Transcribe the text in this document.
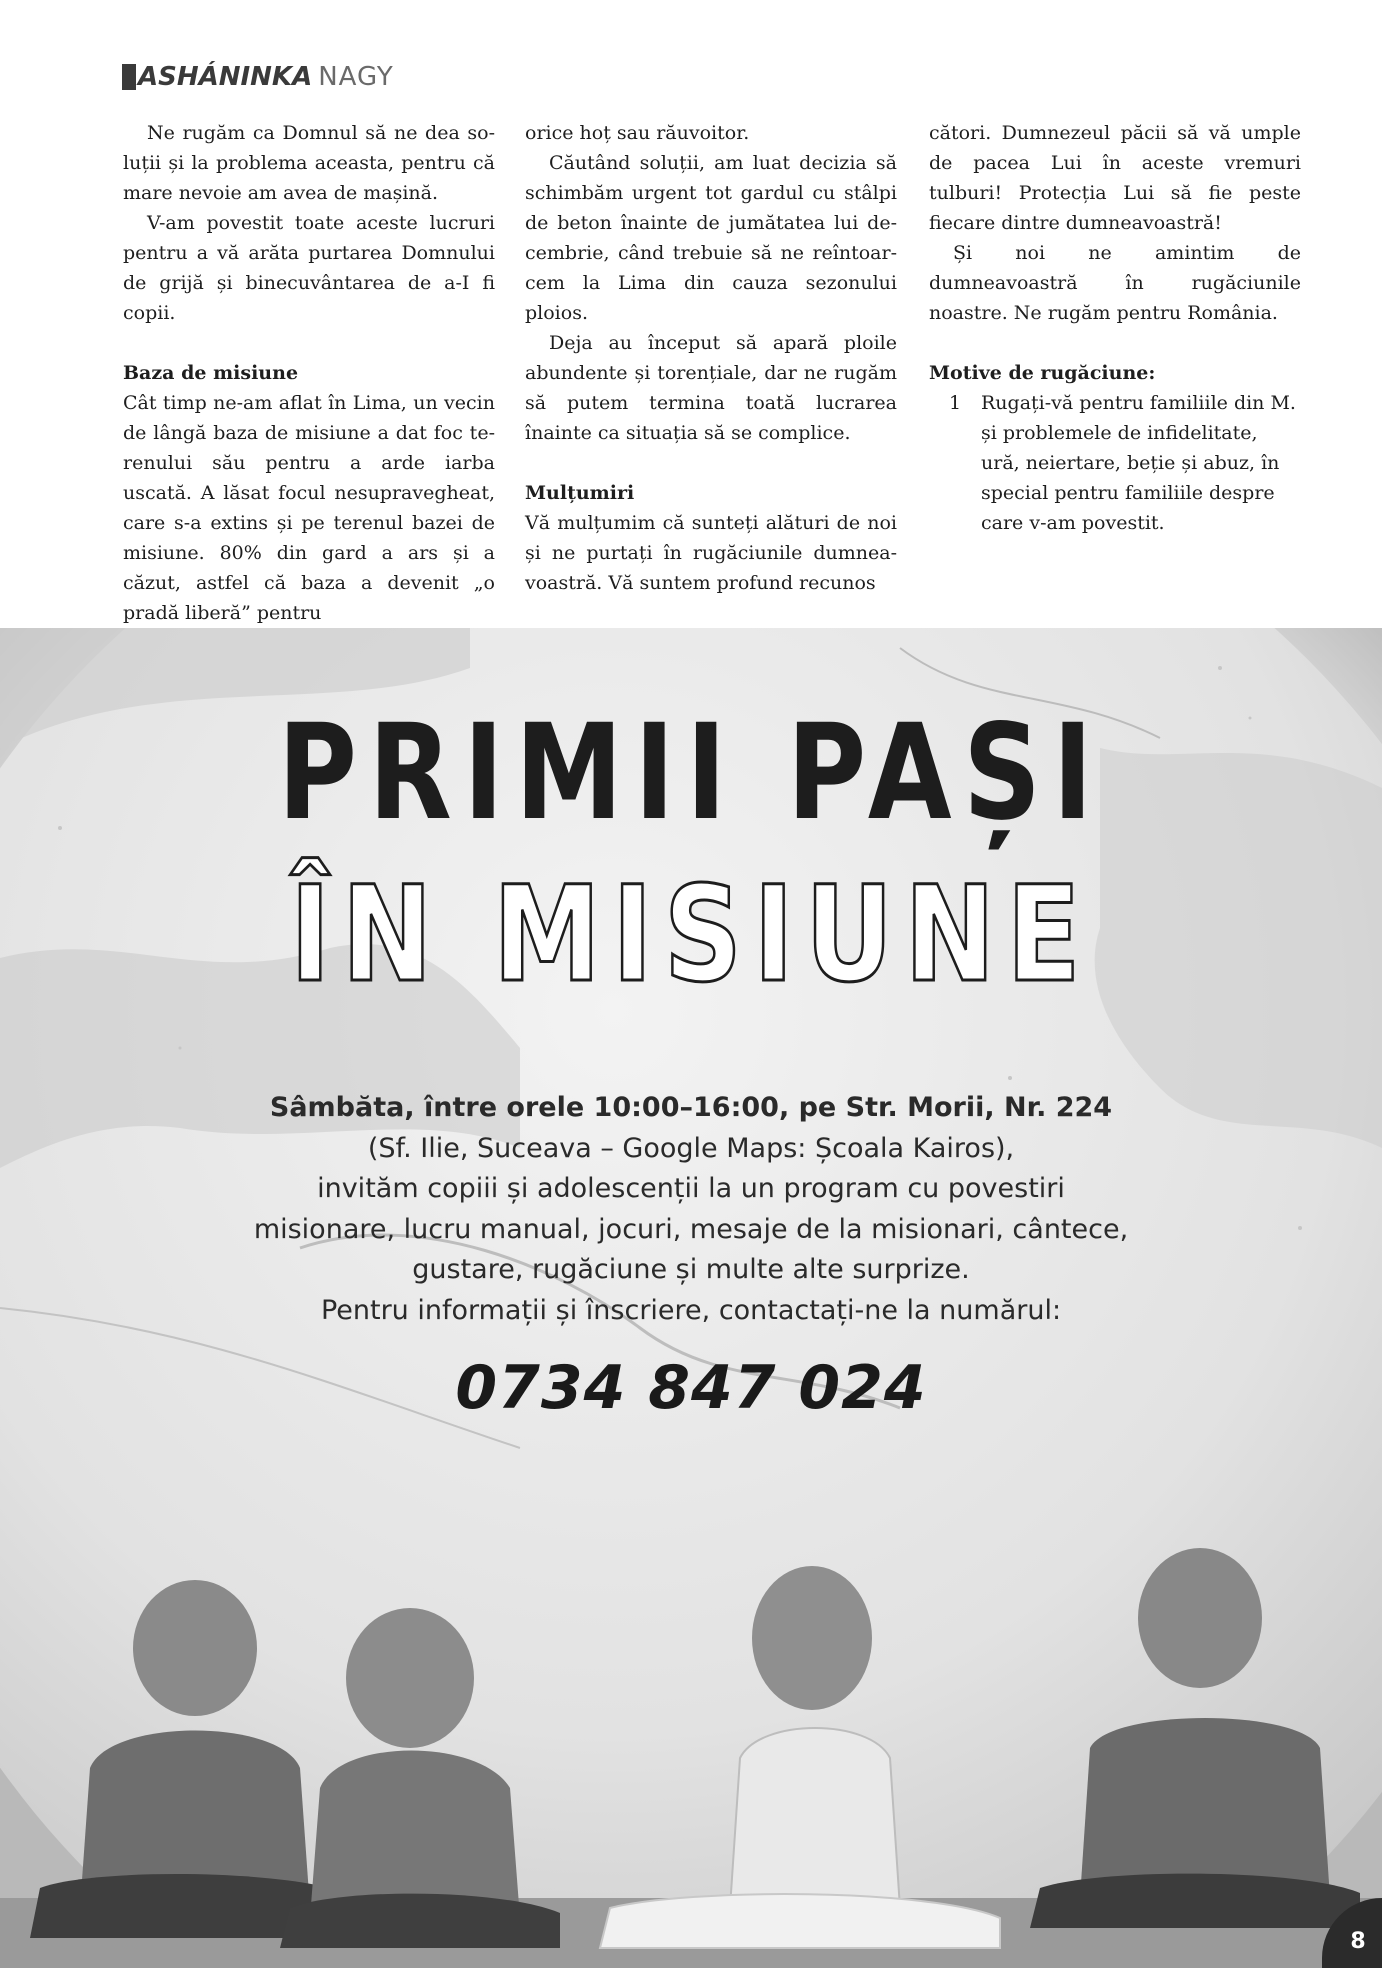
ASHÁNINKA NAGY

Ne rugăm ca Domnul să ne dea soluții și la problema aceasta, pentru că mare nevoie am avea de mașină.

V-am povestit toate aceste lucruri pentru a vă arăta purtarea Domnului de grijă și binecuvântarea de a-I fi copii.

Baza de misiune

Cât timp ne-am aflat în Lima, un vecin de lângă baza de misiune a dat foc terenului său pentru a arde iarba uscată. A lăsat focul nesupravegheat, care s-a extins și pe terenul bazei de misiune. 80% din gard a ars și a căzut, astfel că baza a devenit „o pradă liberă” pentru

orice hoț sau răuvoitor.

Căutând soluții, am luat decizia să schimbăm urgent tot gardul cu stâlpi de beton înainte de jumătatea lui decembrie, când trebuie să ne reîntoarcem la Lima din cauza sezonului ploios.

Deja au început să apară ploile abundente și torențiale, dar ne rugăm să putem termina toată lucrarea înainte ca situația să se complice.

Mulțumiri

Vă mulțumim că sunteți alături de noi și ne purtați în rugăciunile dumneavoastră. Vă suntem profund recunos

cători. Dumnezeul păcii să vă umple de pacea Lui în aceste vremuri tulburi! Protecția Lui să fie peste fiecare dintre dumneavoastră!

Și noi ne amintim de dumneavoastră în rugăciunile noastre. Ne rugăm pentru România.

Motive de rugăciune:
1	Rugați-vă pentru familiile din M. și problemele de infidelitate, ură, neiertare, beție și abuz, în special pentru familiile despre care v-am povestit.
PRIMII PAȘI
ÎN MISIUNE
Sâmbăta, între orele 10:00–16:00, pe Str. Morii, Nr. 224
(Sf. Ilie, Suceava – Google Maps: Școala Kairos),
invităm copiii și adolescenții la un program cu povestiri
misionare, lucru manual, jocuri, mesaje de la misionari, cântece,
gustare, rugăciune și multe alte surprize.
Pentru informații și înscriere, contactați-ne la numărul:
0734 847 024
8
